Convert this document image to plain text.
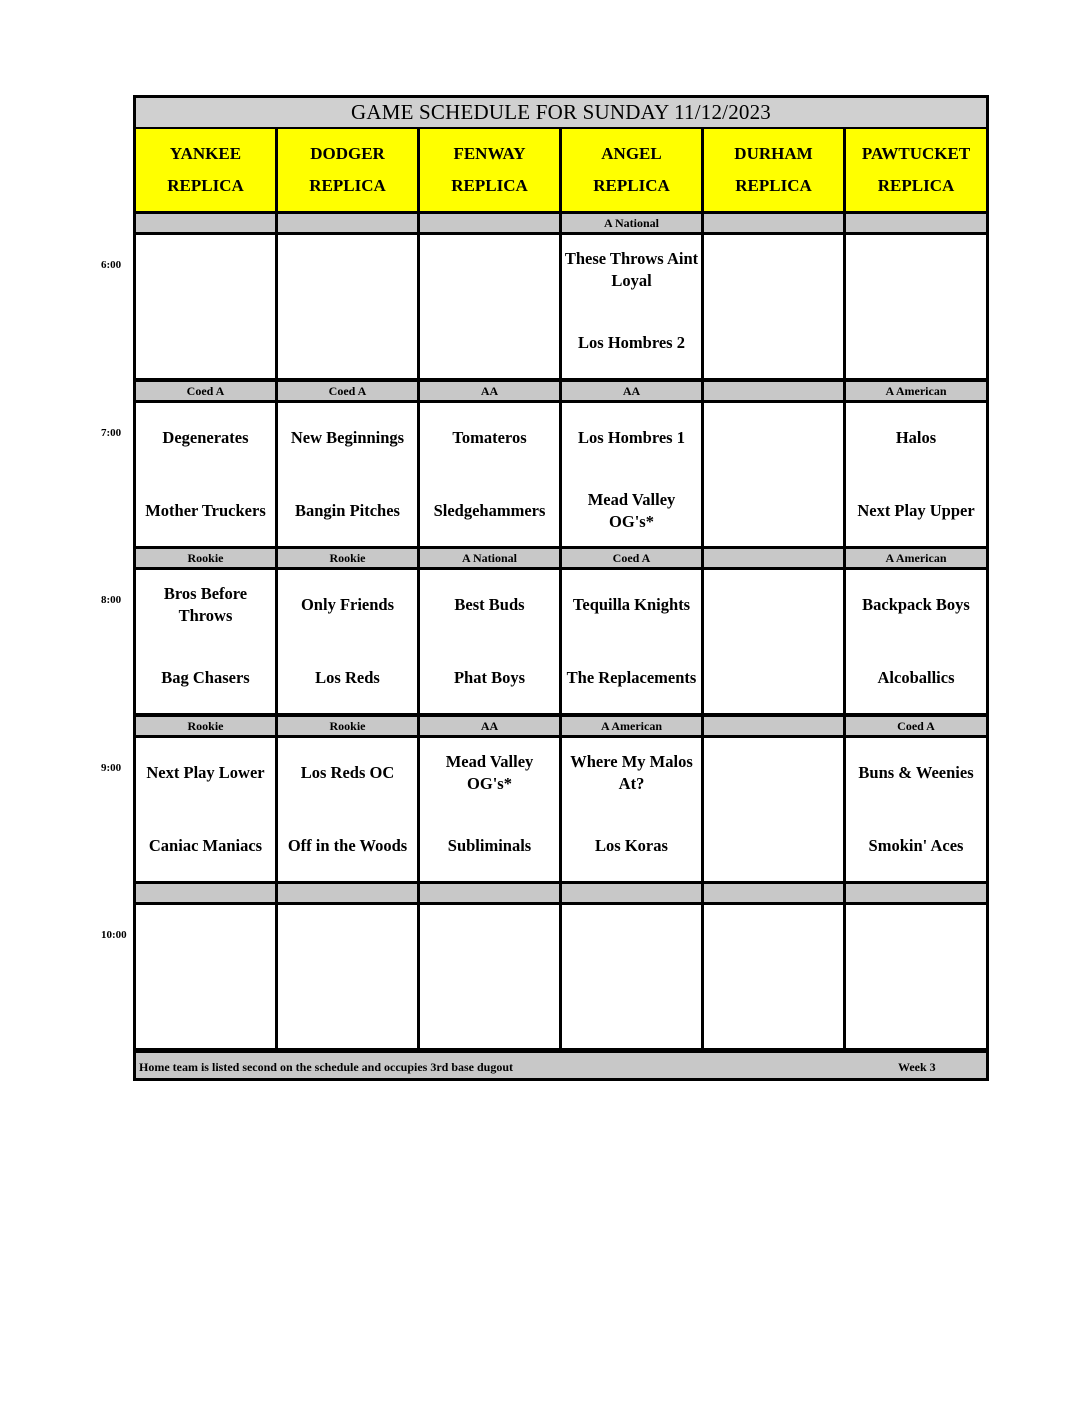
6:00
7:00
8:00
9:00
10:00
GAME SCHEDULE FOR SUNDAY 11/12/2023
YANKEE
REPLICA
DODGER
REPLICA
FENWAY
REPLICA
ANGEL
REPLICA
DURHAM
REPLICA
PAWTUCKET
REPLICA
A National
These Throws Aint Loyal
Los Hombres 2
Coed A
Degenerates
Mother Truckers
Coed A
New Beginnings
Bangin Pitches
AA
Tomateros
Sledgehammers
AA
Los Hombres 1
Mead Valley OG's*
A American
Halos
Next Play Upper
Rookie
Bros Before Throws
Bag Chasers
Rookie
Only Friends
Los Reds
A National
Best Buds
Phat Boys
Coed A
Tequilla Knights
The Replacements
A American
Backpack Boys
Alcoballics
Rookie
Next Play Lower
Caniac Maniacs
Rookie
Los Reds OC
Off in the Woods
AA
Mead Valley OG's*
Subliminals
A American
Where My Malos At?
Los Koras
Coed A
Buns & Weenies
Smokin' Aces
Home team is listed second on the schedule and occupies 3rd base dugout	Week 3
